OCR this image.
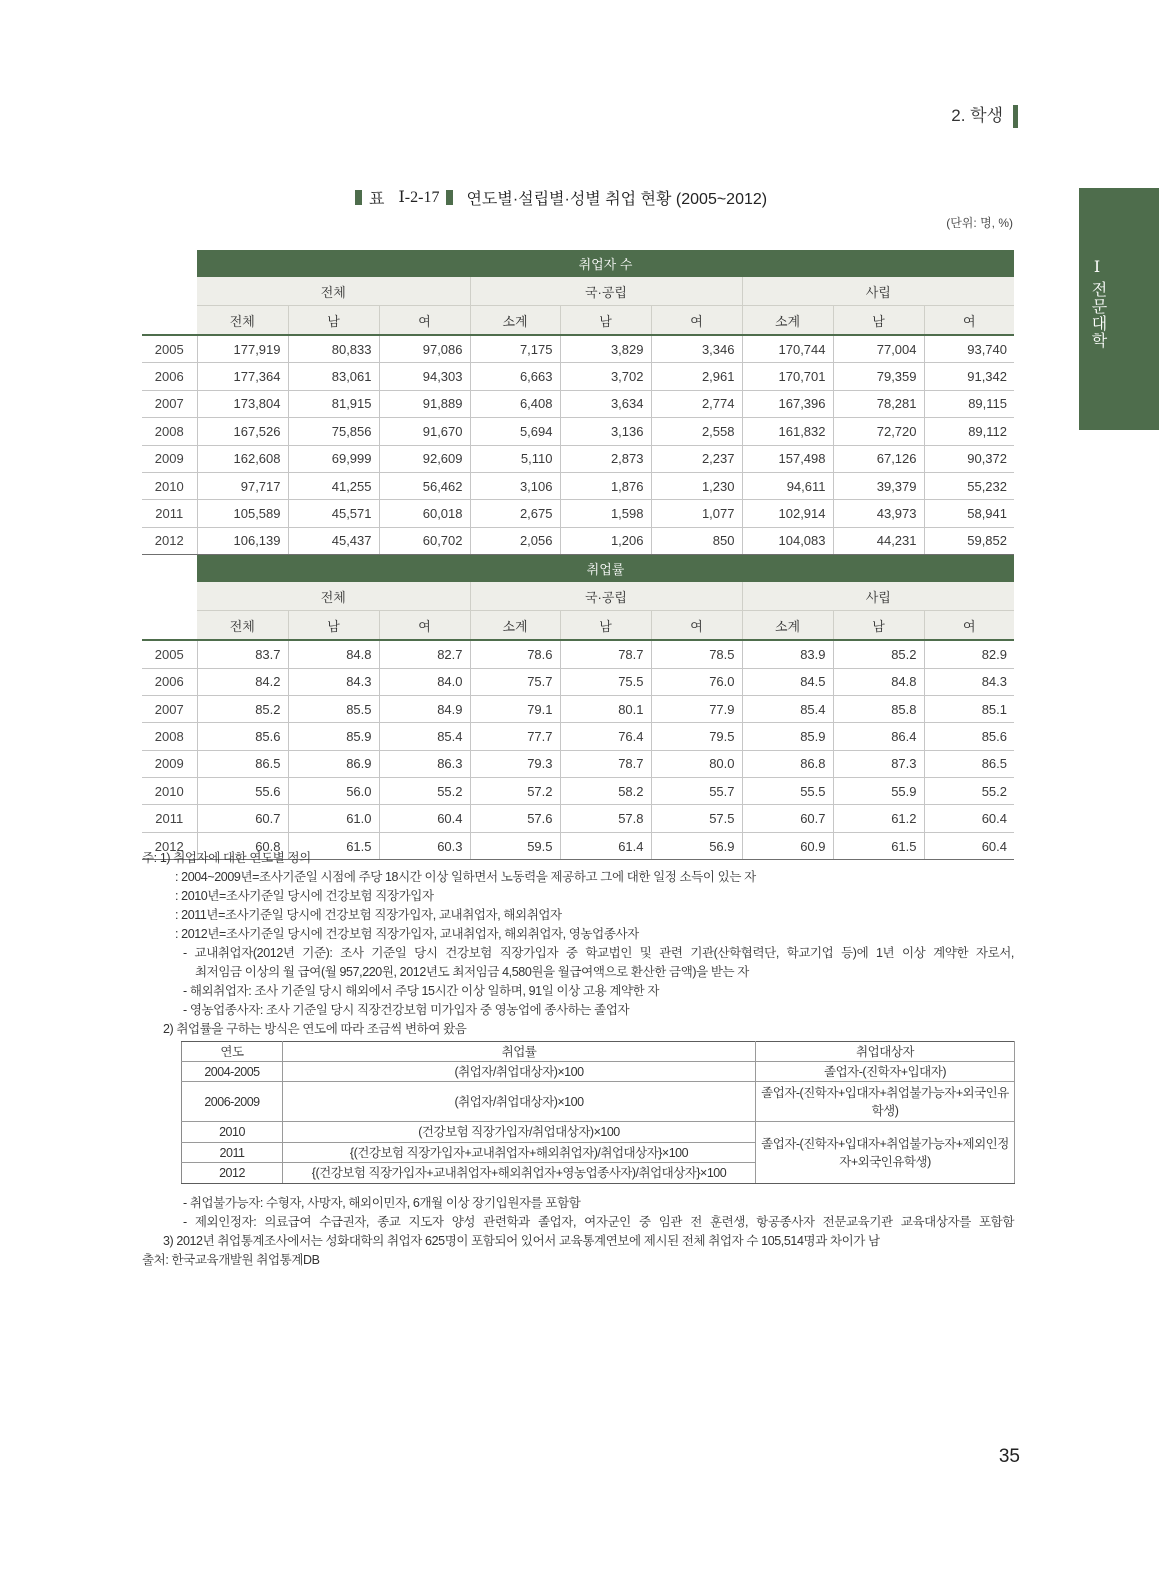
2. 학생
Ⅰ
전문대학
표 Ⅰ-2-17 연도별·설립별·성별 취업 현황 (2005~2012)
(단위: 명, %)
	취업자 수								
	전체			국·공립			사립		
	전체	남	여	소계	남	여	소계	남	여
2005	177,919	80,833	97,086	7,175	3,829	3,346	170,744	77,004	93,740
2006	177,364	83,061	94,303	6,663	3,702	2,961	170,701	79,359	91,342
2007	173,804	81,915	91,889	6,408	3,634	2,774	167,396	78,281	89,115
2008	167,526	75,856	91,670	5,694	3,136	2,558	161,832	72,720	89,112
2009	162,608	69,999	92,609	5,110	2,873	2,237	157,498	67,126	90,372
2010	97,717	41,255	56,462	3,106	1,876	1,230	94,611	39,379	55,232
2011	105,589	45,571	60,018	2,675	1,598	1,077	102,914	43,973	58,941
2012	106,139	45,437	60,702	2,056	1,206	850	104,083	44,231	59,852
	취업률								
	전체			국·공립			사립		
	전체	남	여	소계	남	여	소계	남	여
2005	83.7	84.8	82.7	78.6	78.7	78.5	83.9	85.2	82.9
2006	84.2	84.3	84.0	75.7	75.5	76.0	84.5	84.8	84.3
2007	85.2	85.5	84.9	79.1	80.1	77.9	85.4	85.8	85.1
2008	85.6	85.9	85.4	77.7	76.4	79.5	85.9	86.4	85.6
2009	86.5	86.9	86.3	79.3	78.7	80.0	86.8	87.3	86.5
2010	55.6	56.0	55.2	57.2	58.2	55.7	55.5	55.9	55.2
2011	60.7	61.0	60.4	57.6	57.8	57.5	60.7	61.2	60.4
2012	60.8	61.5	60.3	59.5	61.4	56.9	60.9	61.5	60.4
주: 1) 취업자에 대한 연도별 정의
: 2004~2009년=조사기준일 시점에 주당 18시간 이상 일하면서 노동력을 제공하고 그에 대한 일정 소득이 있는 자
: 2010년=조사기준일 당시에 건강보험 직장가입자
: 2011년=조사기준일 당시에 건강보험 직장가입자, 교내취업자, 해외취업자
: 2012년=조사기준일 당시에 건강보험 직장가입자, 교내취업자, 해외취업자, 영농업종사자
- 교내취업자(2012년 기준): 조사 기준일 당시 건강보험 직장가입자 중 학교법인 및 관련 기관(산학협력단, 학교기업 등)에 1년 이상 계약한 자로서,
최저임금 이상의 월 급여(월 957,220원, 2012년도 최저임금 4,580원을 월급여액으로 환산한 금액)을 받는 자
- 해외취업자: 조사 기준일 당시 해외에서 주당 15시간 이상 일하며, 91일 이상 고용 계약한 자
- 영농업종사자: 조사 기준일 당시 직장건강보험 미가입자 중 영농업에 종사하는 졸업자
2) 취업률을 구하는 방식은 연도에 따라 조금씩 변하여 왔음
연도	취업률	취업대상자
2004-2005	(취업자/취업대상자)×100	졸업자-(진학자+입대자)
2006-2009	(취업자/취업대상자)×100	졸업자-(진학자+입대자+취업불가능자+외국인유학생)
2010	(건강보험 직장가입자/취업대상자)×100	졸업자-(진학자+입대자+취업불가능자+제외인정자+외국인유학생)
2011	{(건강보험 직장가입자+교내취업자+해외취업자)/취업대상자}×100	
2012	{(건강보험 직장가입자+교내취업자+해외취업자+영농업종사자)/취업대상자}×100	
- 취업불가능자: 수형자, 사망자, 해외이민자, 6개월 이상 장기입원자를 포함함
- 제외인정자: 의료급여 수급권자, 종교 지도자 양성 관련학과 졸업자, 여자군인 중 임관 전 훈련생, 항공종사자 전문교육기관 교육대상자를 포함함
3) 2012년 취업통계조사에서는 성화대학의 취업자 625명이 포함되어 있어서 교육통계연보에 제시된 전체 취업자 수 105,514명과 차이가 남
출처: 한국교육개발원 취업통계DB
35
